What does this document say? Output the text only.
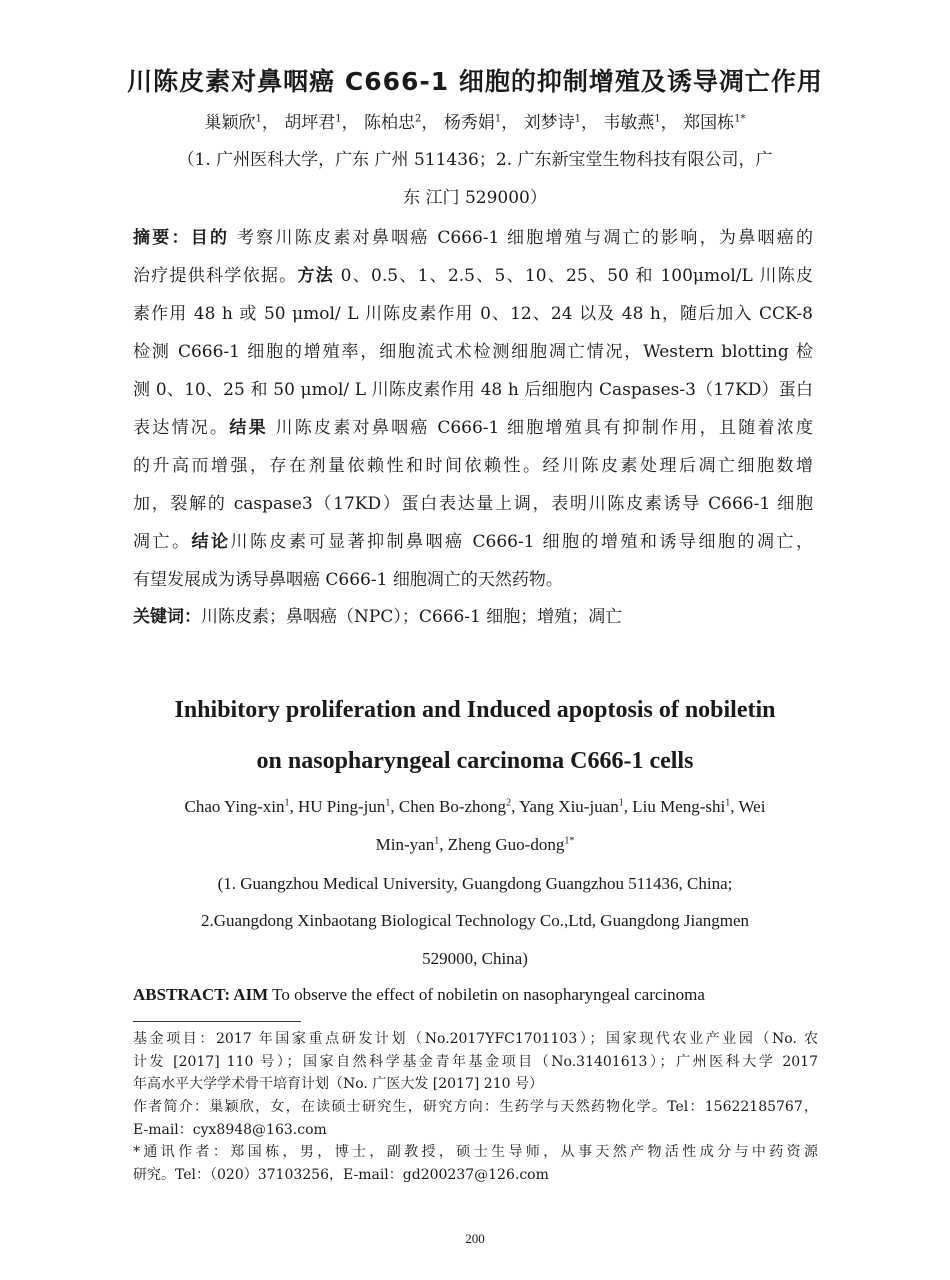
川陈皮素对鼻咽癌 C666-1 细胞的抑制增殖及诱导凋亡作用
巢颖欣$^1$， 胡坪君$^1$， 陈柏忠$^2$， 杨秀娟$^1$， 刘梦诗$^1$， 韦敏燕$^1$， 郑国栋$^{1*}$
（1. 广州医科大学，广东 广州 511436；2. 广东新宝堂生物科技有限公司，广
东 江门 529000）
摘要：目的 考察川陈皮素对鼻咽癌 C666-1 细胞增殖与凋亡的影响，为鼻咽癌的
治疗提供科学依据。方法 0、0.5、1、2.5、5、10、25、50 和 100μmol/L 川陈皮
素作用 48 h 或 50 μmol/ L 川陈皮素作用 0、12、24 以及 48 h，随后加入 CCK-8
检测 C666-1 细胞的增殖率，细胞流式术检测细胞凋亡情况，Western blotting 检
测 0、10、25 和 50 μmol/ L 川陈皮素作用 48 h 后细胞内 Caspases-3（17KD）蛋白
表达情况。结果 川陈皮素对鼻咽癌 C666-1 细胞增殖具有抑制作用，且随着浓度
的升高而增强，存在剂量依赖性和时间依赖性。经川陈皮素处理后凋亡细胞数增
加，裂解的 caspase3（17KD）蛋白表达量上调，表明川陈皮素诱导 C666-1 细胞
凋亡。结论川陈皮素可显著抑制鼻咽癌 C666-1 细胞的增殖和诱导细胞的凋亡，
有望发展成为诱导鼻咽癌 C666-1 细胞凋亡的天然药物。
关键词：川陈皮素；鼻咽癌（NPC）；C666-1 细胞；增殖；凋亡
Inhibitory proliferation and Induced apoptosis of nobiletin
on nasopharyngeal carcinoma C666-1 cells
Chao Ying-xin$^1$, HU Ping-jun$^1$, Chen Bo-zhong$^2$, Yang Xiu-juan$^1$, Liu Meng-shi$^1$, Wei
Min-yan$^1$, Zheng Guo-dong$^{1*}$
(1. Guangzhou Medical University, Guangdong Guangzhou 511436, China;
2.Guangdong Xinbaotang Biological Technology Co.,Ltd, Guangdong Jiangmen
529000, China)
ABSTRACT: AIM To observe the effect of nobiletin on nasopharyngeal carcinoma
基金项目：2017 年国家重点研发计划（No.2017YFC1701103）；国家现代农业产业园（No. 农
计发 [2017] 110 号）；国家自然科学基金青年基金项目（No.31401613）；广州医科大学 2017
年高水平大学学术骨干培育计划（No. 广医大发 [2017] 210 号）
作者简介：巢颖欣，女，在读硕士研究生，研究方向：生药学与天然药物化学。Tel：15622185767，
E-mail：cyx8948@163.com
*通讯作者：郑国栋，男，博士，副教授，硕士生导师，从事天然产物活性成分与中药资源
研究。Tel：（020）37103256，E-mail：gd200237@126.com
200
